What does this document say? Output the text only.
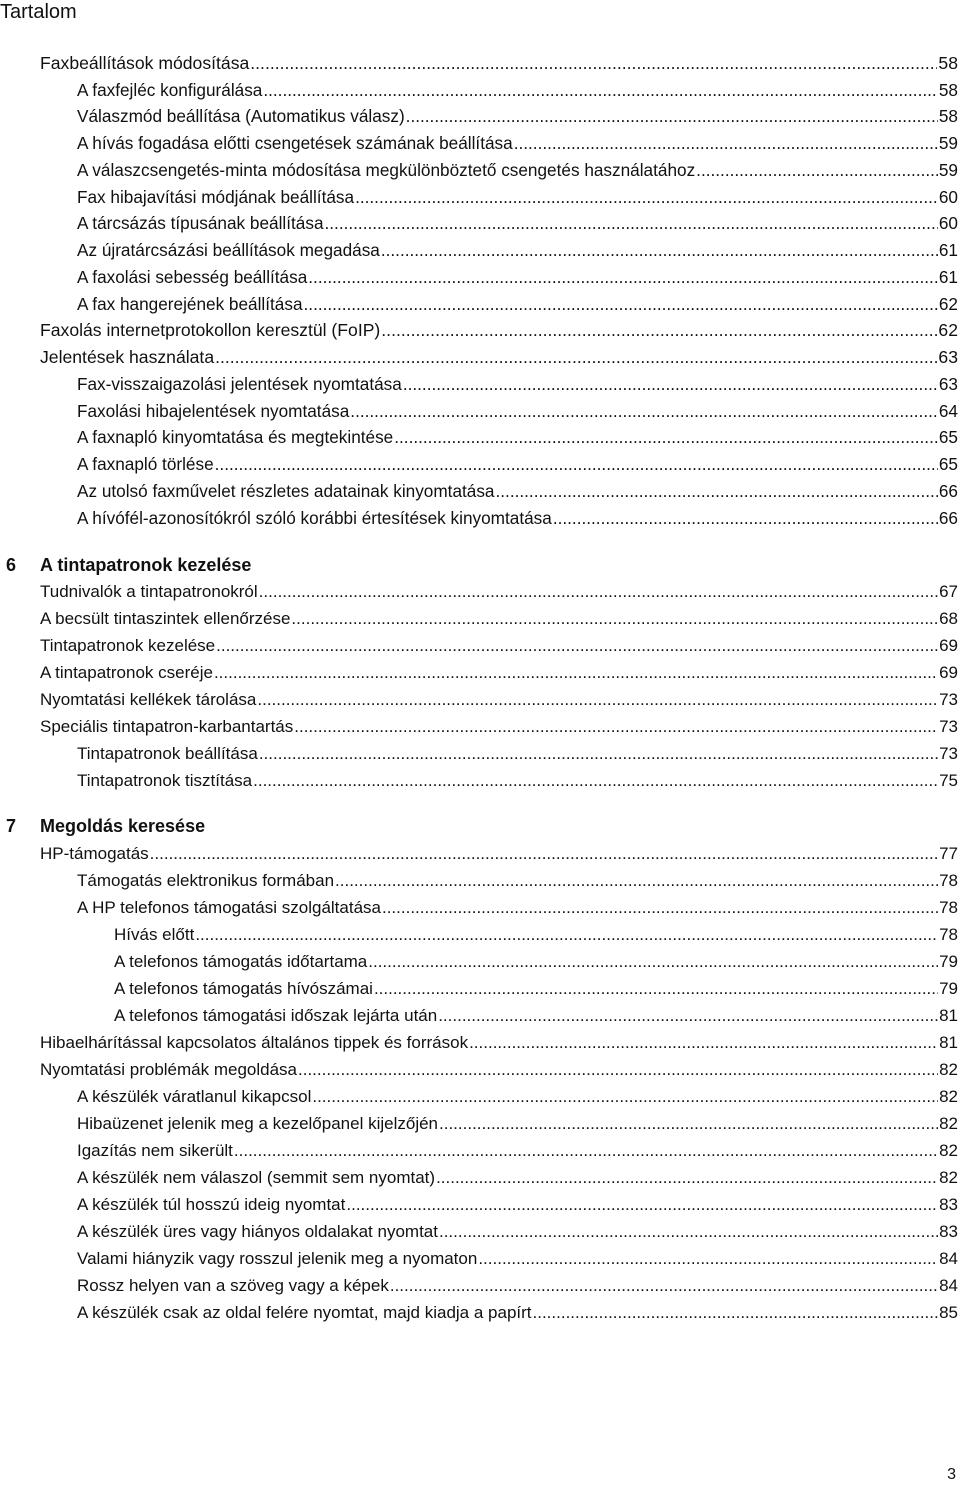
Tartalom
Faxbeállítások módosítása .....	58
A faxfejléc konfigurálása .....	58
Válaszmód beállítása (Automatikus válasz) .....	58
A hívás fogadása előtti csengetések számának beállítása .....	59
A válaszcsengetés-minta módosítása megkülönböztető csengetés használatához .....	59
Fax hibajavítási módjának beállítása .....	60
A tárcsázás típusának beállítása .....	60
Az újratárcsázási beállítások megadása .....	61
A faxolási sebesség beállítása .....	61
A fax hangerejének beállítása .....	62
Faxolás internetprotokollon keresztül (FoIP) .....	62
Jelentések használata .....	63
Fax-visszaigazolási jelentések nyomtatása .....	63
Faxolási hibajelentések nyomtatása .....	64
A faxnapló kinyomtatása és megtekintése .....	65
A faxnapló törlése .....	65
Az utolsó faxművelet részletes adatainak kinyomtatása .....	66
A hívófél-azonosítókról szóló korábbi értesítések kinyomtatása .....	66
6	A tintapatronok kezelése
Tudnivalók a tintapatronokról .....	67
A becsült tintaszintek ellenőrzése .....	68
Tintapatronok kezelése .....	69
A tintapatronok cseréje .....	69
Nyomtatási kellékek tárolása .....	73
Speciális tintapatron-karbantartás .....	73
Tintapatronok beállítása .....	73
Tintapatronok tisztítása .....	75
7	Megoldás keresése
HP-támogatás .....	77
Támogatás elektronikus formában .....	78
A HP telefonos támogatási szolgáltatása .....	78
Hívás előtt .....	78
A telefonos támogatás időtartama .....	79
A telefonos támogatás hívószámai .....	79
A telefonos támogatási időszak lejárta után .....	81
Hibaelhárítással kapcsolatos általános tippek és források .....	81
Nyomtatási problémák megoldása .....	82
A készülék váratlanul kikapcsol .....	82
Hibaüzenet jelenik meg a kezelőpanel kijelzőjén .....	82
Igazítás nem sikerült .....	82
A készülék nem válaszol (semmit sem nyomtat) .....	82
A készülék túl hosszú ideig nyomtat .....	83
A készülék üres vagy hiányos oldalakat nyomtat .....	83
Valami hiányzik vagy rosszul jelenik meg a nyomaton .....	84
Rossz helyen van a szöveg vagy a képek .....	84
A készülék csak az oldal felére nyomtat, majd kiadja a papírt .....	85
3
